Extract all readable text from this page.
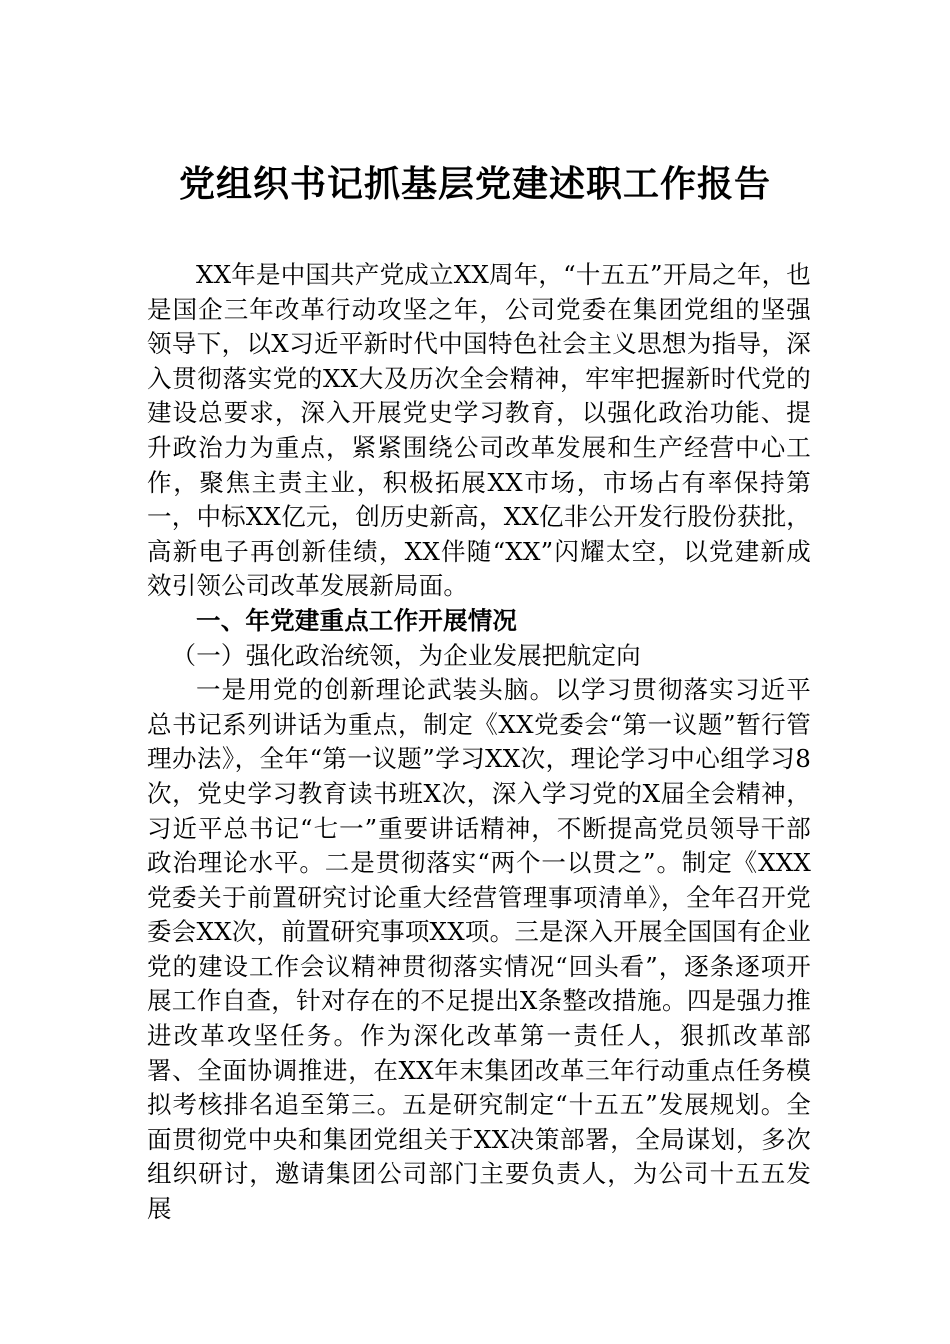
党组织书记抓基层党建述职工作报告

XX年是中国共产党成立XX周年，“十五五”开局之年，也是国企三年改革行动攻坚之年，公司党委在集团党组的坚强领导下，以X习近平新时代中国特色社会主义思想为指导，深入贯彻落实党的XX大及历次全会精神，牢牢把握新时代党的建设总要求，深入开展党史学习教育，以强化政治功能、提升政治力为重点，紧紧围绕公司改革发展和生产经营中心工作，聚焦主责主业，积极拓展XX市场，市场占有率保持第一，中标XX亿元，创历史新高，XX亿非公开发行股份获批，高新电子再创新佳绩，XX伴随“XX”闪耀太空，以党建新成效引领公司改革发展新局面。

一、年党建重点工作开展情况
（一）强化政治统领，为企业发展把航定向

一是用党的创新理论武装头脑。以学习贯彻落实习近平总书记系列讲话为重点，制定《XX党委会“第一议题”暂行管理办法》，全年“第一议题”学习XX次，理论学习中心组学习8次，党史学习教育读书班X次，深入学习党的X届全会精神，习近平总书记“七一”重要讲话精神，不断提高党员领导干部政治理论水平。二是贯彻落实“两个一以贯之”。制定《XXX党委关于前置研究讨论重大经营管理事项清单》，全年召开党委会XX次，前置研究事项XX项。三是深入开展全国国有企业党的建设工作会议精神贯彻落实情况“回头看”，逐条逐项开展工作自查，针对存在的不足提出X条整改措施。四是强力推进改革攻坚任务。作为深化改革第一责任人，狠抓改革部署、全面协调推进，在XX年末集团改革三年行动重点任务模拟考核排名追至第三。五是研究制定“十五五”发展规划。全面贯彻党中央和集团党组关于XX决策部署，全局谋划，多次组织研讨，邀请集团公司部门主要负责人，为公司十五五发展
